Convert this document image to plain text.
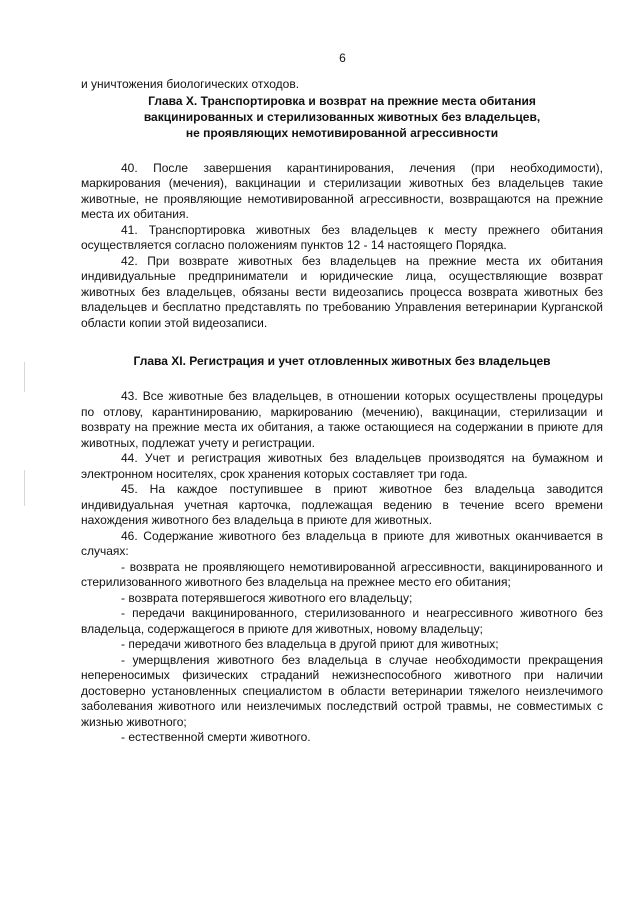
6

и уничтожения биологических отходов.

Глава X. Транспортировка и возврат на прежние места обитания
вакцинированных и стерилизованных животных без владельцев,
не проявляющих немотивированной агрессивности

40. После завершения карантинирования, лечения (при необходимости), маркирования (мечения), вакцинации и стерилизации животных без владельцев такие животные, не проявляющие немотивированной агрессивности, возвращаются на прежние места их обитания.

41. Транспортировка животных без владельцев к месту прежнего обитания осуществляется согласно положениям пунктов 12 - 14 настоящего Порядка.

42. При возврате животных без владельцев на прежние места их обитания индивидуальные предприниматели и юридические лица, осуществляющие возврат животных без владельцев, обязаны вести видеозапись процесса возврата животных без владельцев и бесплатно представлять по требованию Управления ветеринарии Курганской области копии этой видеозаписи.

Глава XI. Регистрация и учет отловленных животных без владельцев

43. Все животные без владельцев, в отношении которых осуществлены процедуры по отлову, карантинированию, маркированию (мечению), вакцинации, стерилизации и возврату на прежние места их обитания, а также остающиеся на содержании в приюте для животных, подлежат учету и регистрации.

44. Учет и регистрация животных без владельцев производятся на бумажном и электронном носителях, срок хранения которых составляет три года.

45. На каждое поступившее в приют животное без владельца заводится индивидуальная учетная карточка, подлежащая ведению в течение всего времени нахождения животного без владельца в приюте для животных.

46. Содержание животного без владельца в приюте для животных оканчивается в случаях:

- возврата не проявляющего немотивированной агрессивности, вакцинированного и стерилизованного животного без владельца на прежнее место его обитания;

- возврата потерявшегося животного его владельцу;

- передачи вакцинированного, стерилизованного и неагрессивного животного без владельца, содержащегося в приюте для животных, новому владельцу;

- передачи животного без владельца в другой приют для животных;

- умерщвления животного без владельца в случае необходимости прекращения непереносимых физических страданий нежизнеспособного животного при наличии достоверно установленных специалистом в области ветеринарии тяжелого неизлечимого заболевания животного или неизлечимых последствий острой травмы, не совместимых с жизнью животного;

- естественной смерти животного.
